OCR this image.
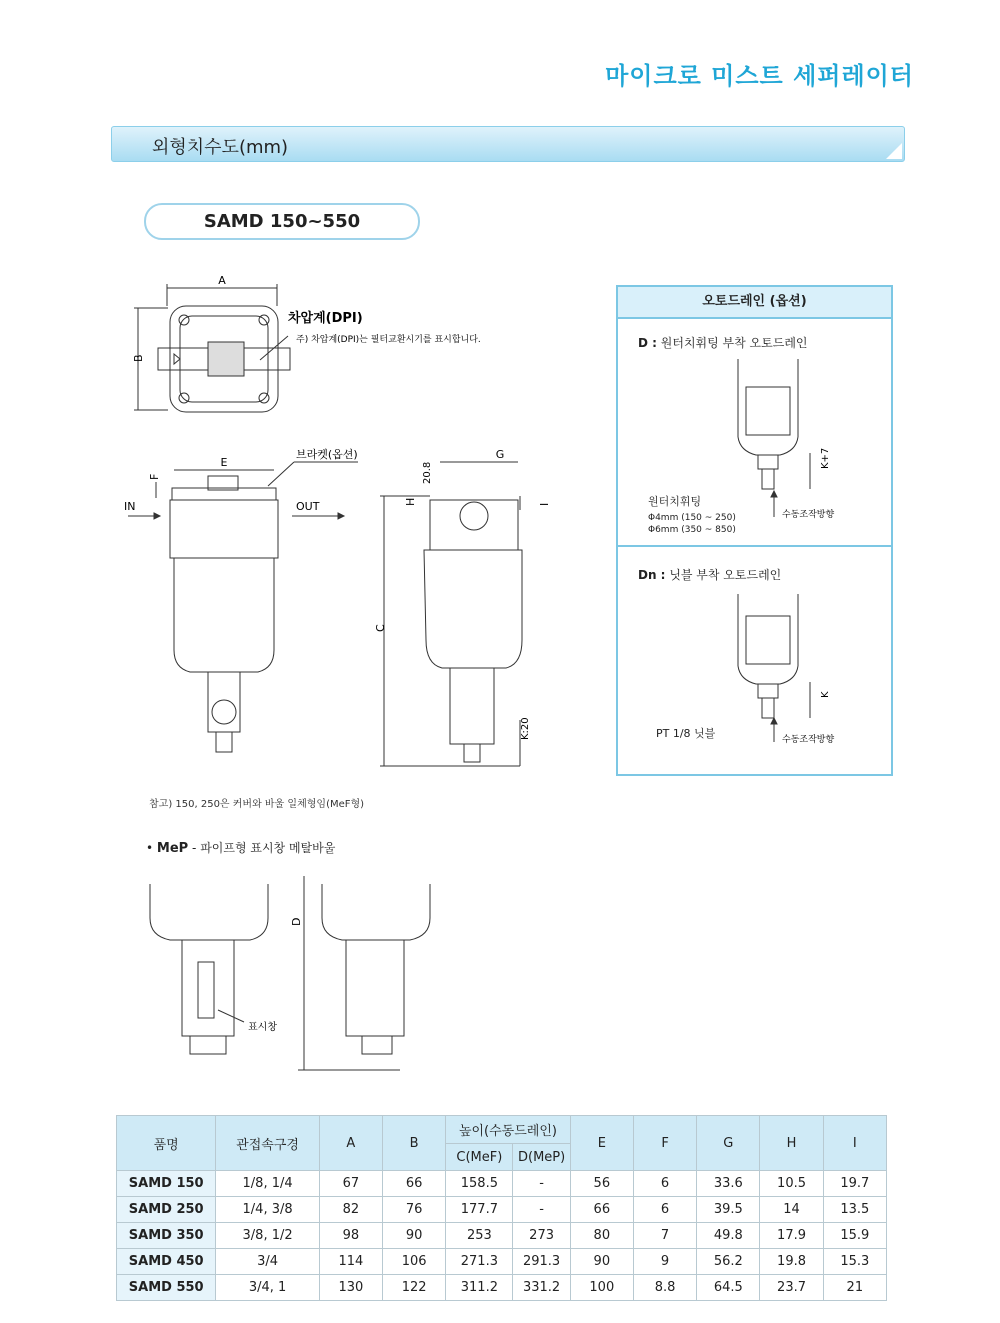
마이크로 미스트 세퍼레이터
외형치수도(mm)
SAMD 150~550
A
B
차압계(DPI)
주) 차압계(DPI)는 필터교환시기를 표시합니다.
E
F
브라켓(옵션)
IN	OUT
G
20.8
H	I
C
K:20
참고) 150, 250은 커버와 바울 일체형임(MeF형)
오토드레인 (옵션)
D : 원터치휘팅 부착 오토드레인
K+7
수동조작방향
원터치휘팅
Φ4mm (150 ~ 250)
Φ6mm (350 ~ 850)
Dn : 닛블 부착 오토드레인
K
수동조작방향
PT 1/8 닛블
• MeP - 파이프형 표시창 메탈바울
D
표시창
품명	관접속구경	A	B	높이(수동드레인)		E	F	G	H	I
				C(MeF)	D(MeP)					
SAMD 150	1/8, 1/4	67	66	158.5	-	56	6	33.6	10.5	19.7
SAMD 250	1/4, 3/8	82	76	177.7	-	66	6	39.5	14	13.5
SAMD 350	3/8, 1/2	98	90	253	273	80	7	49.8	17.9	15.9
SAMD 450	3/4	114	106	271.3	291.3	90	9	56.2	19.8	15.3
SAMD 550	3/4, 1	130	122	311.2	331.2	100	8.8	64.5	23.7	21
